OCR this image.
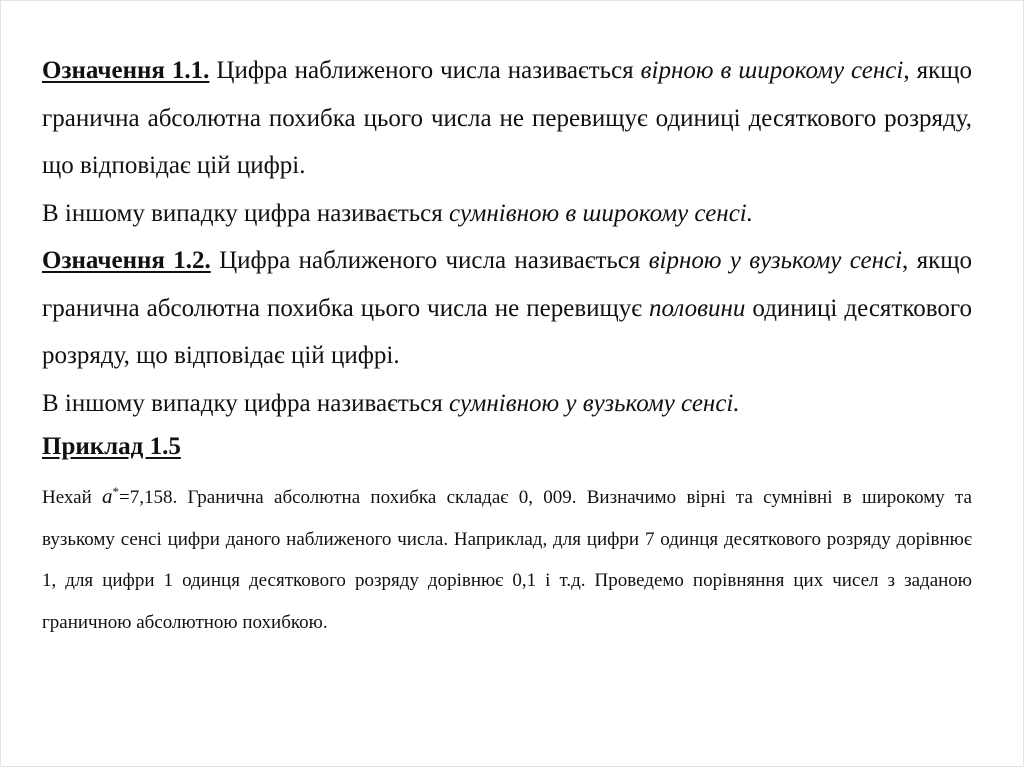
Означення 1.1. Цифра наближеного числа називається вірною в широкому сенсі, якщо гранична абсолютна похибка цього числа не перевищує одиниці десяткового розряду, що відповідає цій цифрі.

В іншому випадку цифра називається сумнівною в широкому сенсі.

Означення 1.2. Цифра наближеного числа називається вірною у вузькому сенсі, якщо гранична абсолютна похибка цього числа не перевищує половини одиниці десяткового розряду, що відповідає цій цифрі.

В іншому випадку цифра називається сумнівною у вузькому сенсі.

Приклад 1.5

Нехай a*=7,158. Гранична абсолютна похибка складає 0, 009. Визначимо вірні та сумнівні в широкому та вузькому сенсі цифри даного наближеного числа. Наприклад, для цифри 7 одинця десяткового розряду дорівнює 1, для цифри 1 одинця десяткового розряду дорівнює 0,1 і т.д. Проведемо порівняння цих чисел з заданою граничною абсолютною похибкою.
